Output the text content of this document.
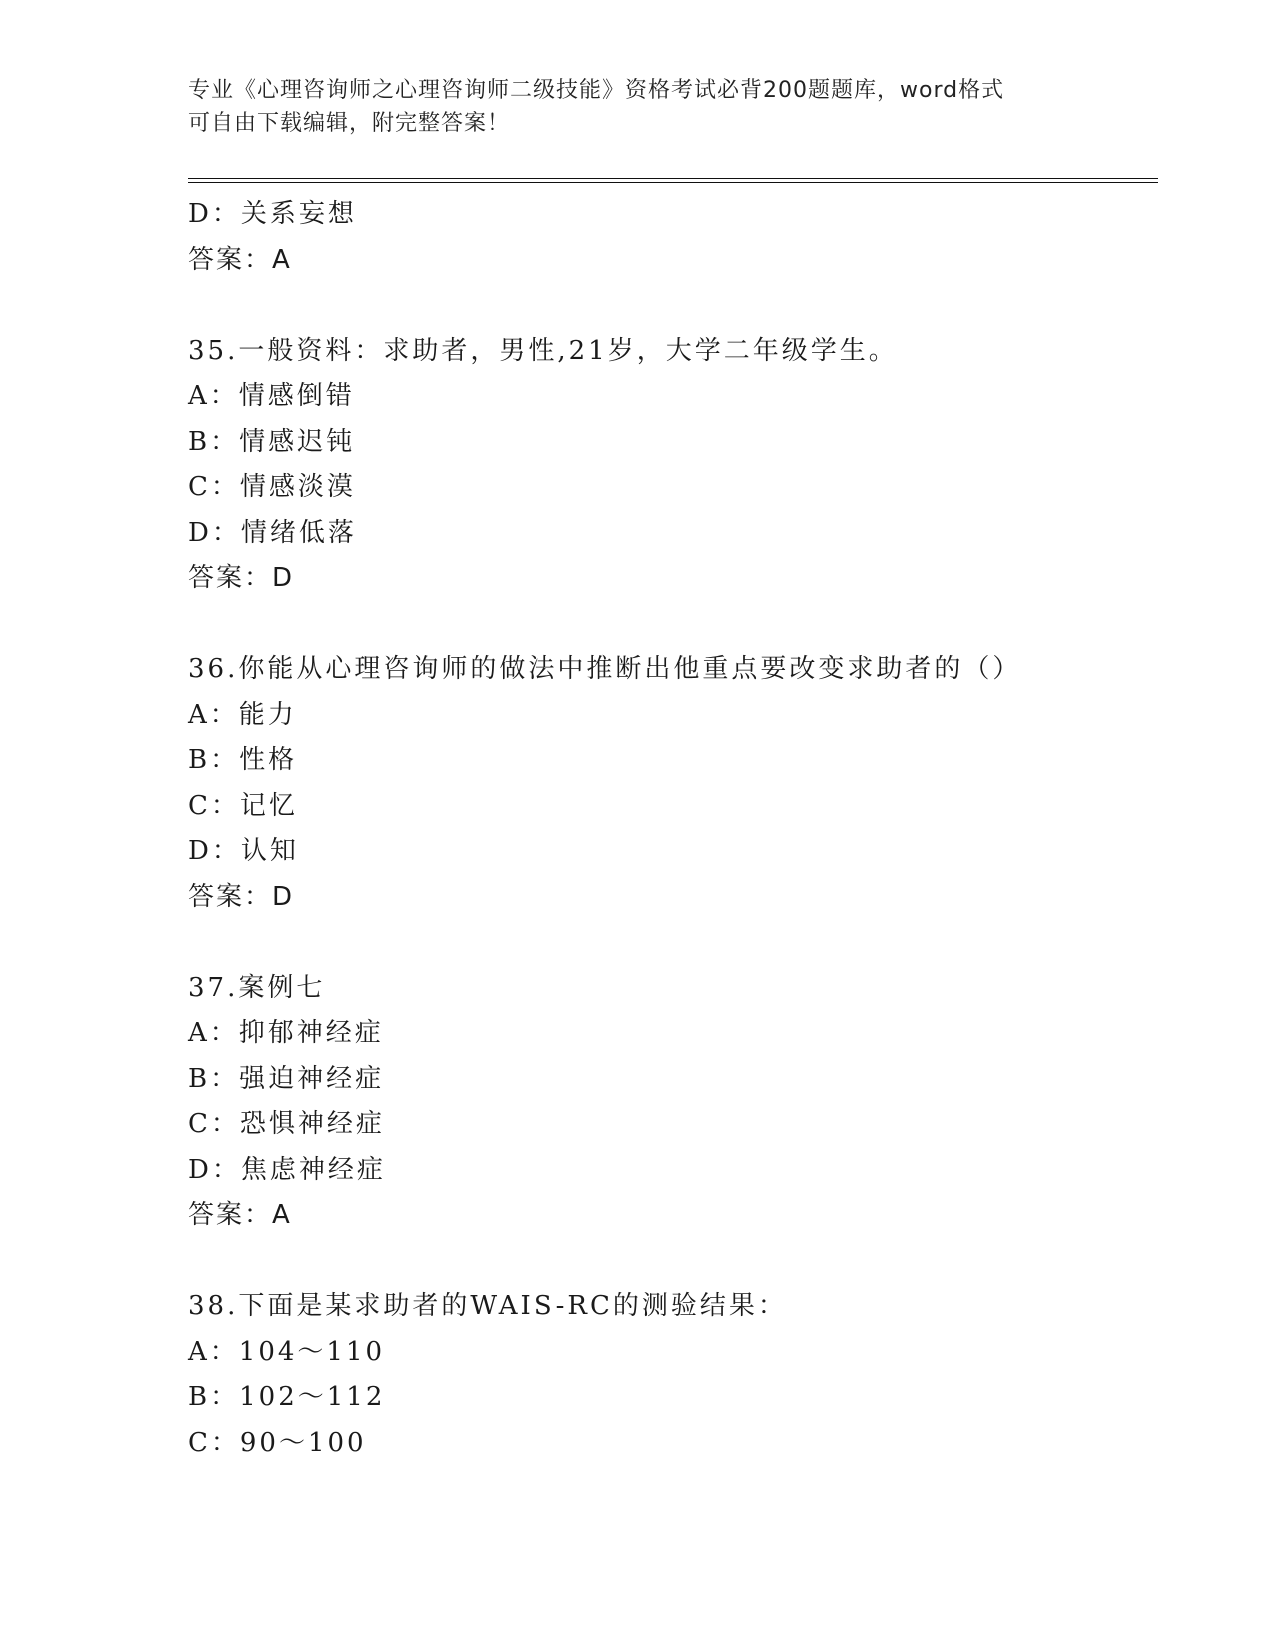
专业《心理咨询师之心理咨询师二级技能》资格考试必背200题题库，word格式
可自由下载编辑，附完整答案！
D：关系妄想
答案：A
35.一般资料：求助者，男性,21岁，大学二年级学生。
A：情感倒错
B：情感迟钝
C：情感淡漠
D：情绪低落
答案：D
36.你能从心理咨询师的做法中推断出他重点要改变求助者的（）
A：能力
B：性格
C：记忆
D：认知
答案：D
37.案例七
A：抑郁神经症
B：强迫神经症
C：恐惧神经症
D：焦虑神经症
答案：A
38.下面是某求助者的WAIS-RC的测验结果：
A：104～110
B：102～112
C：90～100
